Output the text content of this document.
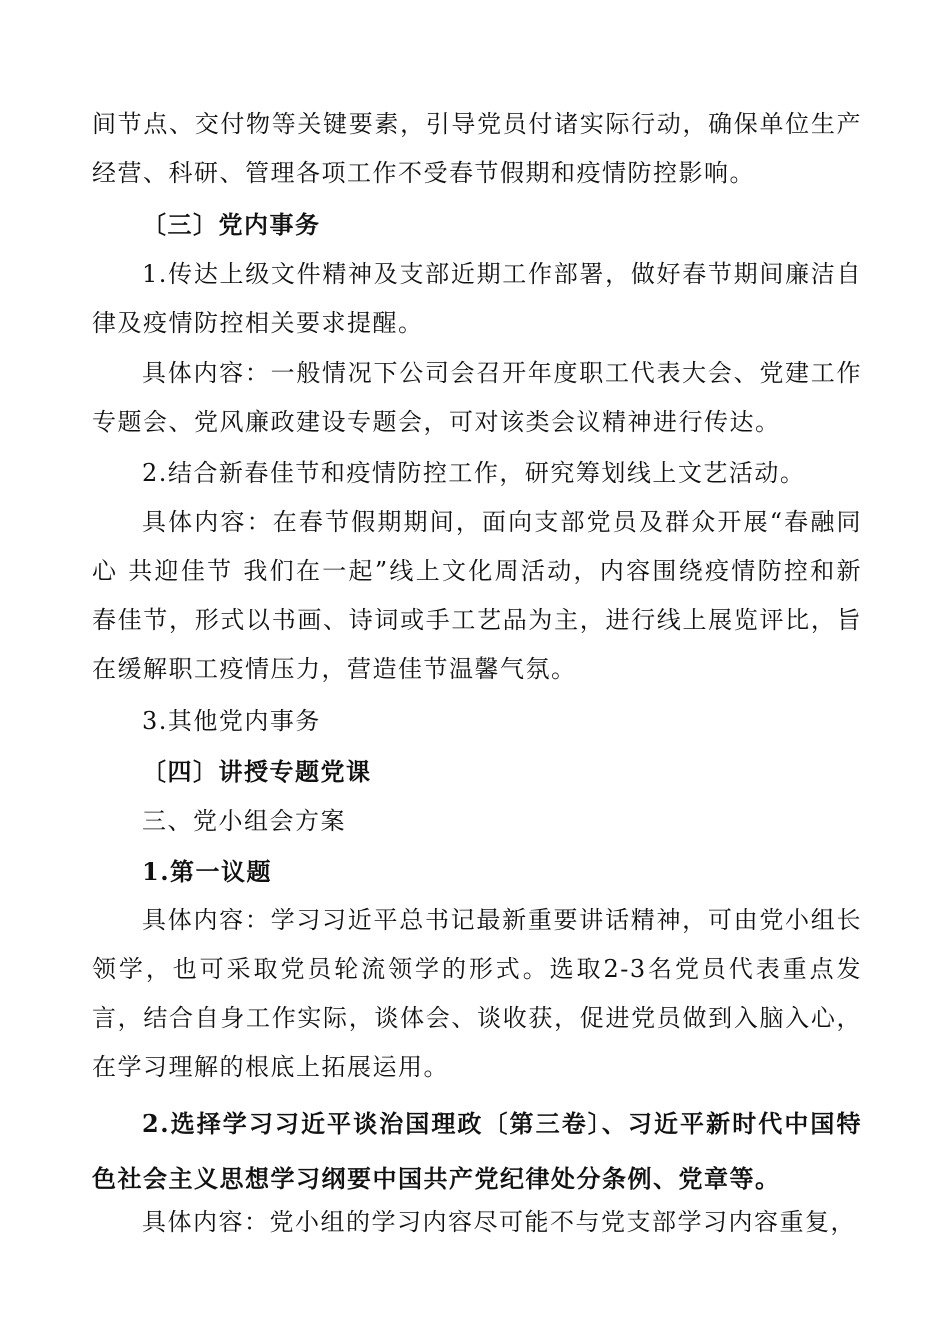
间节点、交付物等关键要素，引导党员付诸实际行动，确保单位生产经营、科研、管理各项工作不受春节假期和疫情防控影响。

〔三〕党内事务

1.传达上级文件精神及支部近期工作部署，做好春节期间廉洁自律及疫情防控相关要求提醒。

具体内容：一般情况下公司会召开年度职工代表大会、党建工作专题会、党风廉政建设专题会，可对该类会议精神进行传达。

2.结合新春佳节和疫情防控工作，研究筹划线上文艺活动。

具体内容：在春节假期期间，面向支部党员及群众开展“春融同心 共迎佳节 我们在一起”线上文化周活动，内容围绕疫情防控和新春佳节，形式以书画、诗词或手工艺品为主，进行线上展览评比，旨在缓解职工疫情压力，营造佳节温馨气氛。

3.其他党内事务

〔四〕讲授专题党课

三、党小组会方案

1.第一议题

具体内容：学习习近平总书记最新重要讲话精神，可由党小组长领学，也可采取党员轮流领学的形式。选取2-3名党员代表重点发言，结合自身工作实际，谈体会、谈收获，促进党员做到入脑入心，在学习理解的根底上拓展运用。

2.选择学习习近平谈治国理政〔第三卷〕、习近平新时代中国特色社会主义思想学习纲要中国共产党纪律处分条例、党章等。

具体内容：党小组的学习内容尽可能不与党支部学习内容重复，
